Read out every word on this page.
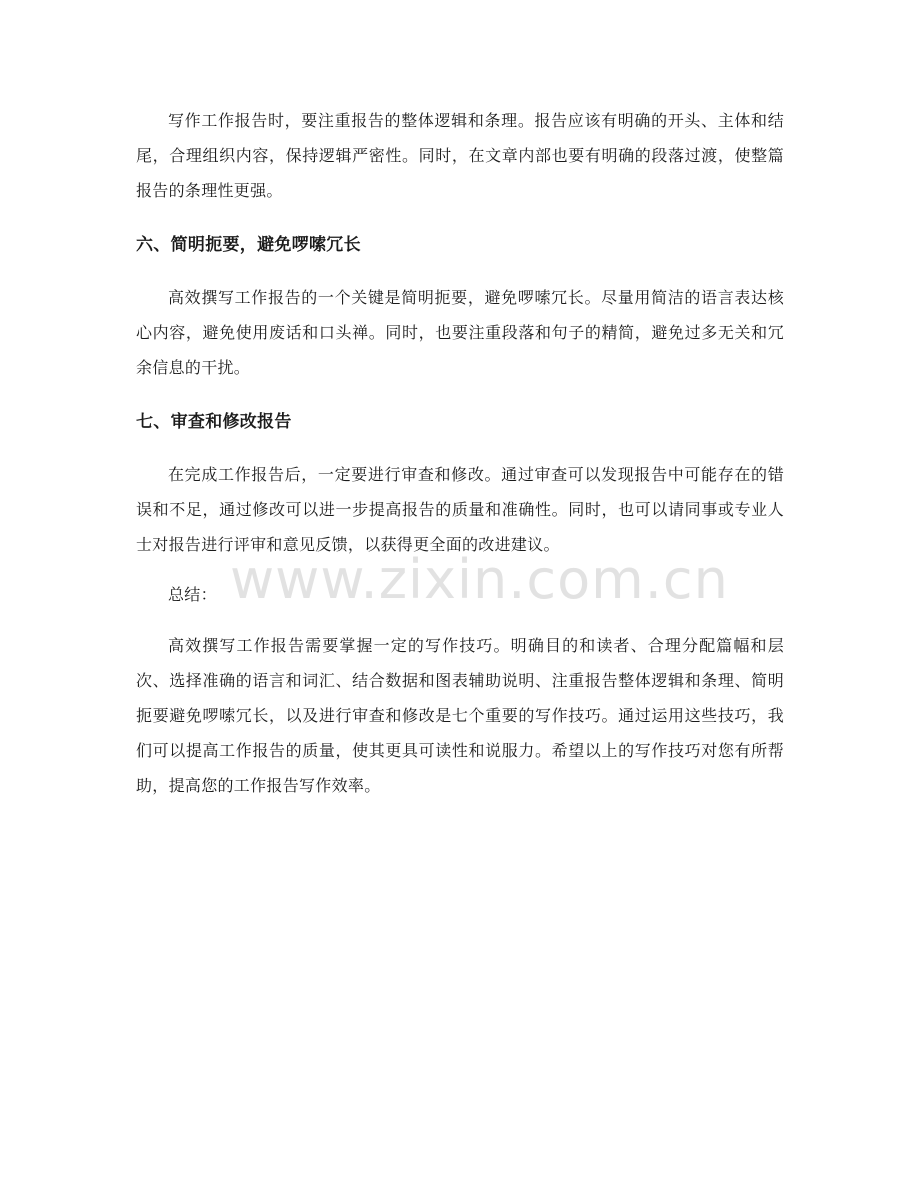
www.zixin.com.cn

写作工作报告时，要注重报告的整体逻辑和条理。报告应该有明确的开头、主体和结尾，合理组织内容，保持逻辑严密性。同时，在文章内部也要有明确的段落过渡，使整篇报告的条理性更强。

六、简明扼要，避免啰嗦冗长

高效撰写工作报告的一个关键是简明扼要，避免啰嗦冗长。尽量用简洁的语言表达核心内容，避免使用废话和口头禅。同时，也要注重段落和句子的精简，避免过多无关和冗余信息的干扰。

七、审查和修改报告

在完成工作报告后，一定要进行审查和修改。通过审查可以发现报告中可能存在的错误和不足，通过修改可以进一步提高报告的质量和准确性。同时，也可以请同事或专业人士对报告进行评审和意见反馈，以获得更全面的改进建议。

总结：

高效撰写工作报告需要掌握一定的写作技巧。明确目的和读者、合理分配篇幅和层次、选择准确的语言和词汇、结合数据和图表辅助说明、注重报告整体逻辑和条理、简明扼要避免啰嗦冗长，以及进行审查和修改是七个重要的写作技巧。通过运用这些技巧，我们可以提高工作报告的质量，使其更具可读性和说服力。希望以上的写作技巧对您有所帮助，提高您的工作报告写作效率。
